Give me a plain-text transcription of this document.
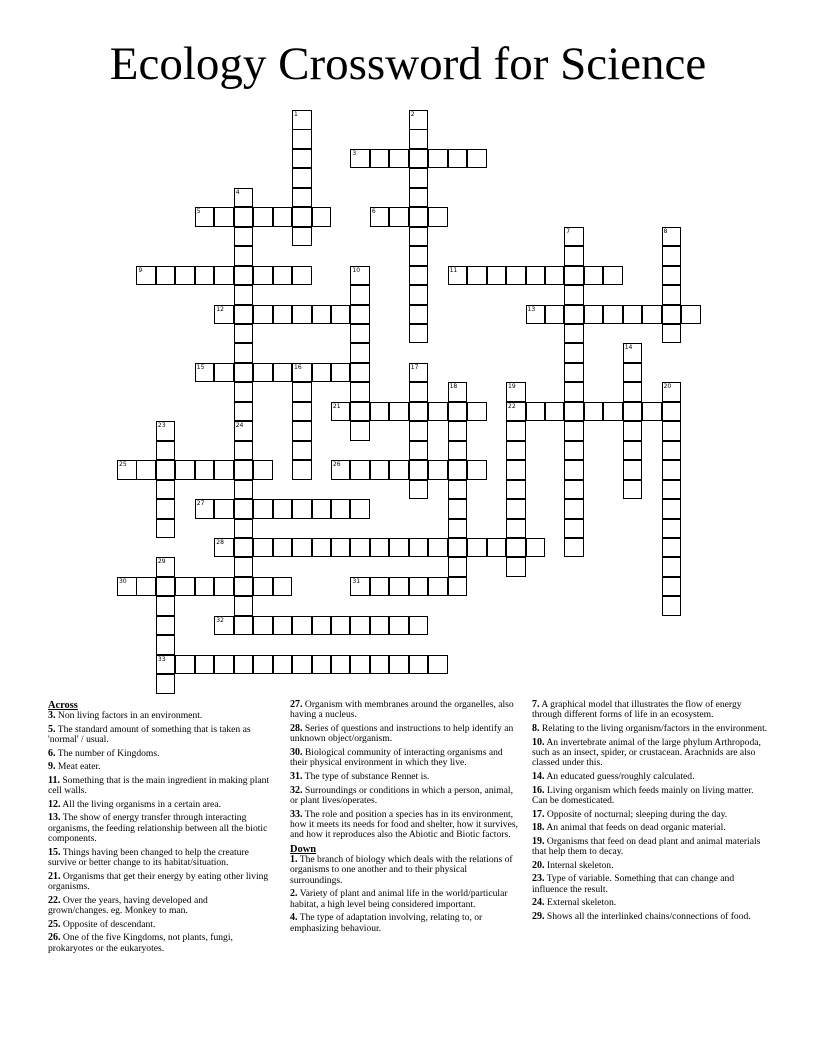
Ecology Crossword for Science
1	2
3
4
5	6
7	8
9	10	11
12	13
14
15	16	17
18	19
22
20
21
23	24
25	26
27
28
29
33
30	31
32
Across
3. Non living factors in an environment.
5. The standard amount of something that is taken as 'normal' / usual.
6. The number of Kingdoms.
9. Meat eater.
11. Something that is the main ingredient in making plant cell walls.
12. All the living organisms in a certain area.
13. The show of energy transfer through interacting organisms, the feeding relationship between all the biotic components.
15. Things having been changed to help the creature survive or better change to its habitat/situation.
21. Organisms that get their energy by eating other living organisms.
22. Over the years, having developed and grown/changes. eg. Monkey to man.
25. Opposite of descendant.
26. One of the five Kingdoms, not plants, fungi, prokaryotes or the eukaryotes.
27. Organism with membranes around the organelles, also having a nucleus.
28. Series of questions and instructions to help identify an unknown object/organism.
30. Biological community of interacting organisms and their physical environment in which they live.
31. The type of substance Rennet is.
32. Surroundings or conditions in which a person, animal, or plant lives/operates.
33. The role and position a species has in its environment, how it meets its needs for food and shelter, how it survives, and how it reproduces also the Abiotic and Biotic factors.
Down
1. The branch of biology which deals with the relations of organisms to one another and to their physical surroundings.
2. Variety of plant and animal life in the world/particular habitat, a high level being considered important.
4. The type of adaptation involving, relating to, or emphasizing behaviour.
7. A graphical model that illustrates the flow of energy through different forms of life in an ecosystem.
8. Relating to the living organism/factors in the environment.
10. An invertebrate animal of the large phylum Arthropoda, such as an insect, spider, or crustacean. Arachnids are also classed under this.
14. An educated guess/roughly calculated.
16. Living organism which feeds mainly on living matter. Can be domesticated.
17. Opposite of nocturnal; sleeping during the day.
18. An animal that feeds on dead organic material.
19. Organisms that feed on dead plant and animal materials that help them to decay.
20. Internal skeleton.
23. Type of variable. Something that can change and influence the result.
24. External skeleton.
29. Shows all the interlinked chains/connections of food.
